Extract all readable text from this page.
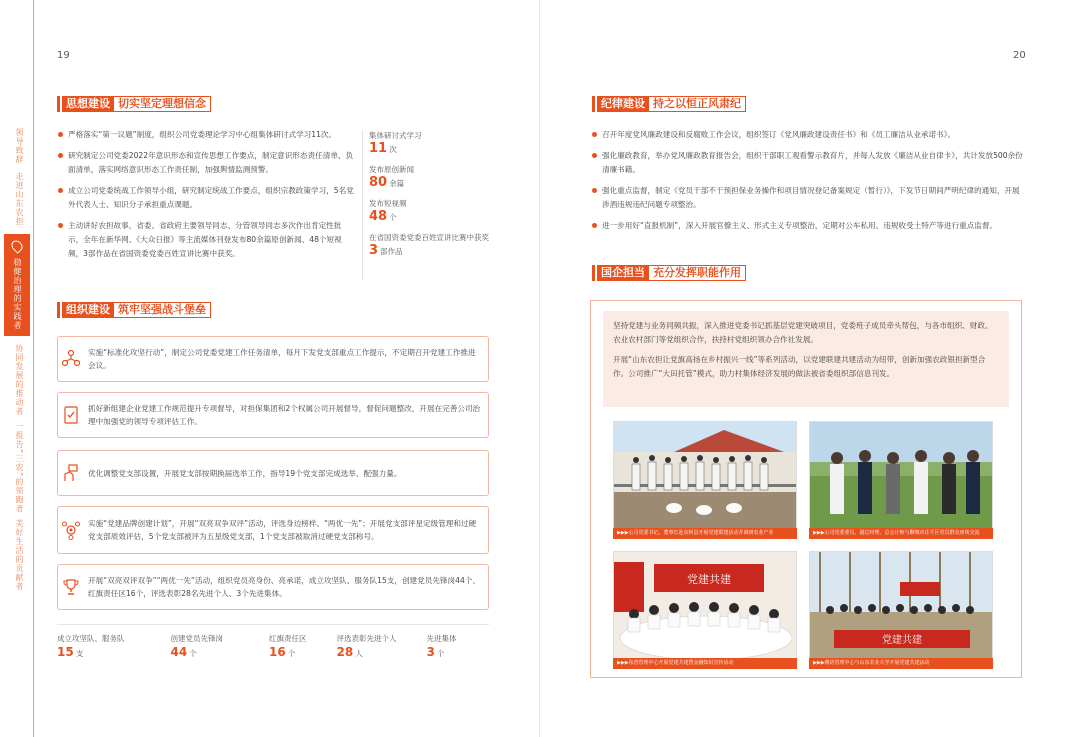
19
领导致辞
走进山东农担
稳健治理的实践者
协同发展的推动者
一报告“三农”的领跑者
美好生活的贡献者
思想建设 切实坚定理想信念
严格落实“第一议题”制度，组织公司党委理论学习中心组集体研讨式学习11次。
研究制定公司党委2022年意识形态和宣传思想工作要点，制定意识形态责任清单、负面清单，落实网络意识形态工作责任制，加强舆情监测预警。
成立公司党委统战工作领导小组，研究制定统战工作要点，组织宗教政策学习，5名党外代表人士、知识分子承担重点课题。
主动讲好农担故事，省委、省政府主要领导同志、分管领导同志多次作出肯定性批示，全年在新华网、《大众日报》等主流媒体刊登发布80余篇原创新闻、48个短视频，3部作品在省国资委党委百姓宣讲比赛中获奖。
集体研讨式学习
11 次
发布原创新闻
80 余篇
发布短视频
48 个
在省国资委党委百姓宣讲比赛中获奖
3 部作品
组织建设 筑牢坚强战斗堡垒
实施“标准化攻坚行动”，制定公司党委党建工作任务清单，每月下发党支部重点工作提示，不定期召开党建工作推进会议。
抓好新组建企业党建工作规范提升专项督导，对担保集团和2个权属公司开展督导，督促问题整改，开展在完善公司治理中加强党的领导专项评估工作。
优化调整党支部设置，开展党支部按期换届选举工作，指导19个党支部完成选举、配强力量。
实施“党建品牌创建计划”，开展“双亮双争双评”活动，评选身边榜样、“两优一先”；开展党支部评星定级管理和过硬党支部质效评估，5个党支部被评为五星级党支部，1个党支部被取消过硬党支部称号。
开展“双亮双评双争”“两优一先”活动，组织党员亮身份、亮承诺，成立攻坚队、服务队15支，创建党员先锋岗44个、红旗责任区16个，评选表彰28名先进个人、3个先进集体。
成立攻坚队、服务队
15 支
创建党员先锋岗
44 个
红旗责任区
16 个
评选表彰先进个人
28 人
先进集体
3 个
20
纪律建设 持之以恒正风肃纪
召开年度党风廉政建设和反腐败工作会议，组织签订《党风廉政建设责任书》和《员工廉洁从业承诺书》。
强化廉政教育，举办党风廉政教育报告会，组织干部职工观看警示教育片，并每人发放《廉洁从业自律卡》，共计发放500余份清廉书籍。
强化重点监督，制定《党员干部不干预担保业务操作和项目情况登记备案规定（暂行）》，下发节日期间严明纪律的通知，开展涉酒违规违纪问题专项整治。
进一步用好“直报机制”，深入开展官僚主义、形式主义专项整治，定期对公车私用、违规收受土特产等进行重点监督。
国企担当 充分发挥职能作用

坚持党建与业务同频共振，深入推进党委书记抓基层党建突破项目，党委班子成员牵头帮包，与各市组织、财政、农业农村部门等党组织合作，扶持村党组织领办合作社发展。

开展“山东农担让党旗高扬在乡村振兴一线”等系列活动，以党建联建共建活动为纽带，创新加强农政银担新型合作。公司推广“大田托管”模式，助力村集体经济发展的做法被省委组织部信息刊发。

▶▶▶公司党委书记、董事长赴东阿县开展党建联建活动并调研农业产业	▶▶▶公司党委委员、副总经理、总会计师与聊城市茌平区党员群众座谈交流
党建共建
▶▶▶东营管理中心开展党建共建暨金融知识宣传活动
党建共建
▶▶▶潍坊管理中心与山东农业大学开展党建共建活动
